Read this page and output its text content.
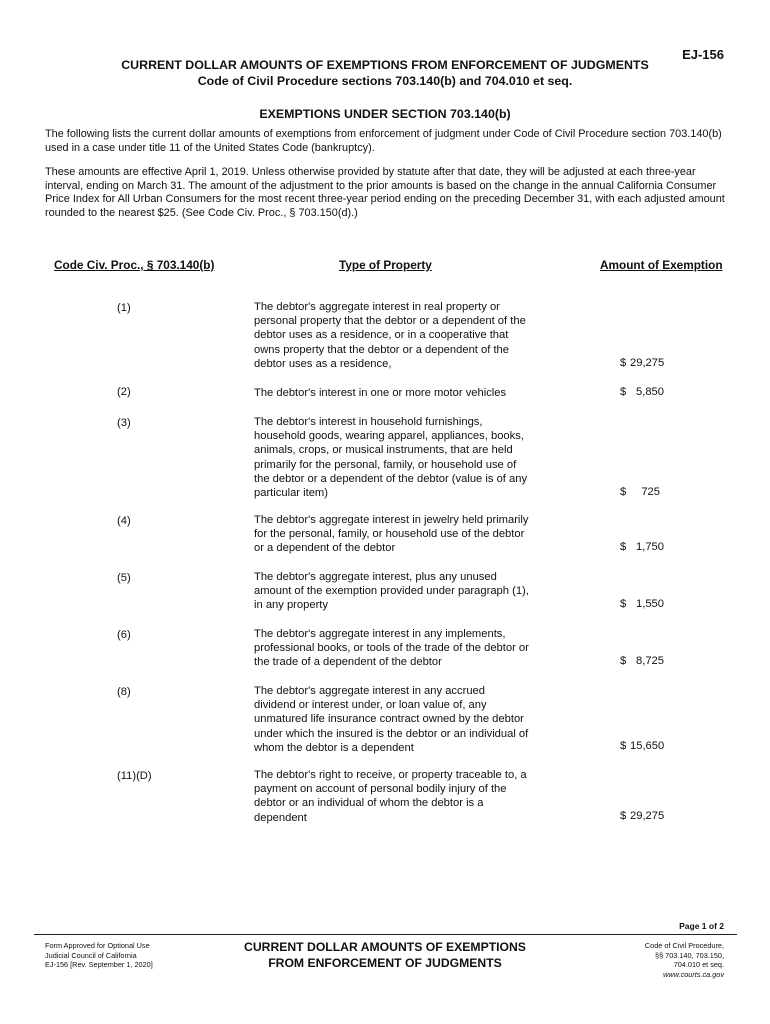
EJ-156
CURRENT DOLLAR AMOUNTS OF EXEMPTIONS FROM ENFORCEMENT OF JUDGMENTS
Code of Civil Procedure sections 703.140(b) and 704.010 et seq.
EXEMPTIONS UNDER SECTION 703.140(b)
The following lists the current dollar amounts of exemptions from enforcement of judgment under Code of Civil Procedure section 703.140(b) used in a case under title 11 of the United States Code (bankruptcy).
These amounts are effective April 1, 2019. Unless otherwise provided by statute after that date, they will be adjusted at each three-year interval, ending on March 31. The amount of the adjustment to the prior amounts is based on the change in the annual California Consumer Price Index for All Urban Consumers for the most recent three-year period ending on the preceding December 31, with each adjusted amount rounded to the nearest $25. (See Code Civ. Proc., § 703.150(d).)
Code Civ. Proc., § 703.140(b)	Type of Property	Amount of Exemption
(1)	The debtor's aggregate interest in real property or personal property that the debtor or a dependent of the debtor uses as a residence, or in a cooperative that owns property that the debtor or a dependent of the debtor uses as a residence,	$ 29,275
(2)	The debtor's interest in one or more motor vehicles	$ 5,850
(3)	The debtor's interest in household furnishings, household goods, wearing apparel, appliances, books, animals, crops, or musical instruments, that are held primarily for the personal, family, or household use of the debtor or a dependent of the debtor (value is of any particular item)	$	725
(4)	The debtor's aggregate interest in jewelry held primarily for the personal, family, or household use of the debtor or a dependent of the debtor	$ 1,750
(5)	The debtor's aggregate interest, plus any unused amount of the exemption provided under paragraph (1), in any property	$ 1,550
(6)	The debtor's aggregate interest in any implements, professional books, or tools of the trade of the debtor or the trade of a dependent of the debtor	$ 8,725
(8)	The debtor's aggregate interest in any accrued dividend or interest under, or loan value of, any unmatured life insurance contract owned by the debtor under which the insured is the debtor or an individual of whom the debtor is a dependent	$ 15,650
(11)(D)	The debtor's right to receive, or property traceable to, a payment on account of personal bodily injury of the debtor or an individual of whom the debtor is a dependent	$ 29,275
Page 1 of 2
Form Approved for Optional Use
Judicial Council of California
EJ-156 [Rev. September 1, 2020]
CURRENT DOLLAR AMOUNTS OF EXEMPTIONS
FROM ENFORCEMENT OF JUDGMENTS
Code of Civil Procedure,
§§ 703.140, 703.150,
704.010 et seq.
www.courts.ca.gov
